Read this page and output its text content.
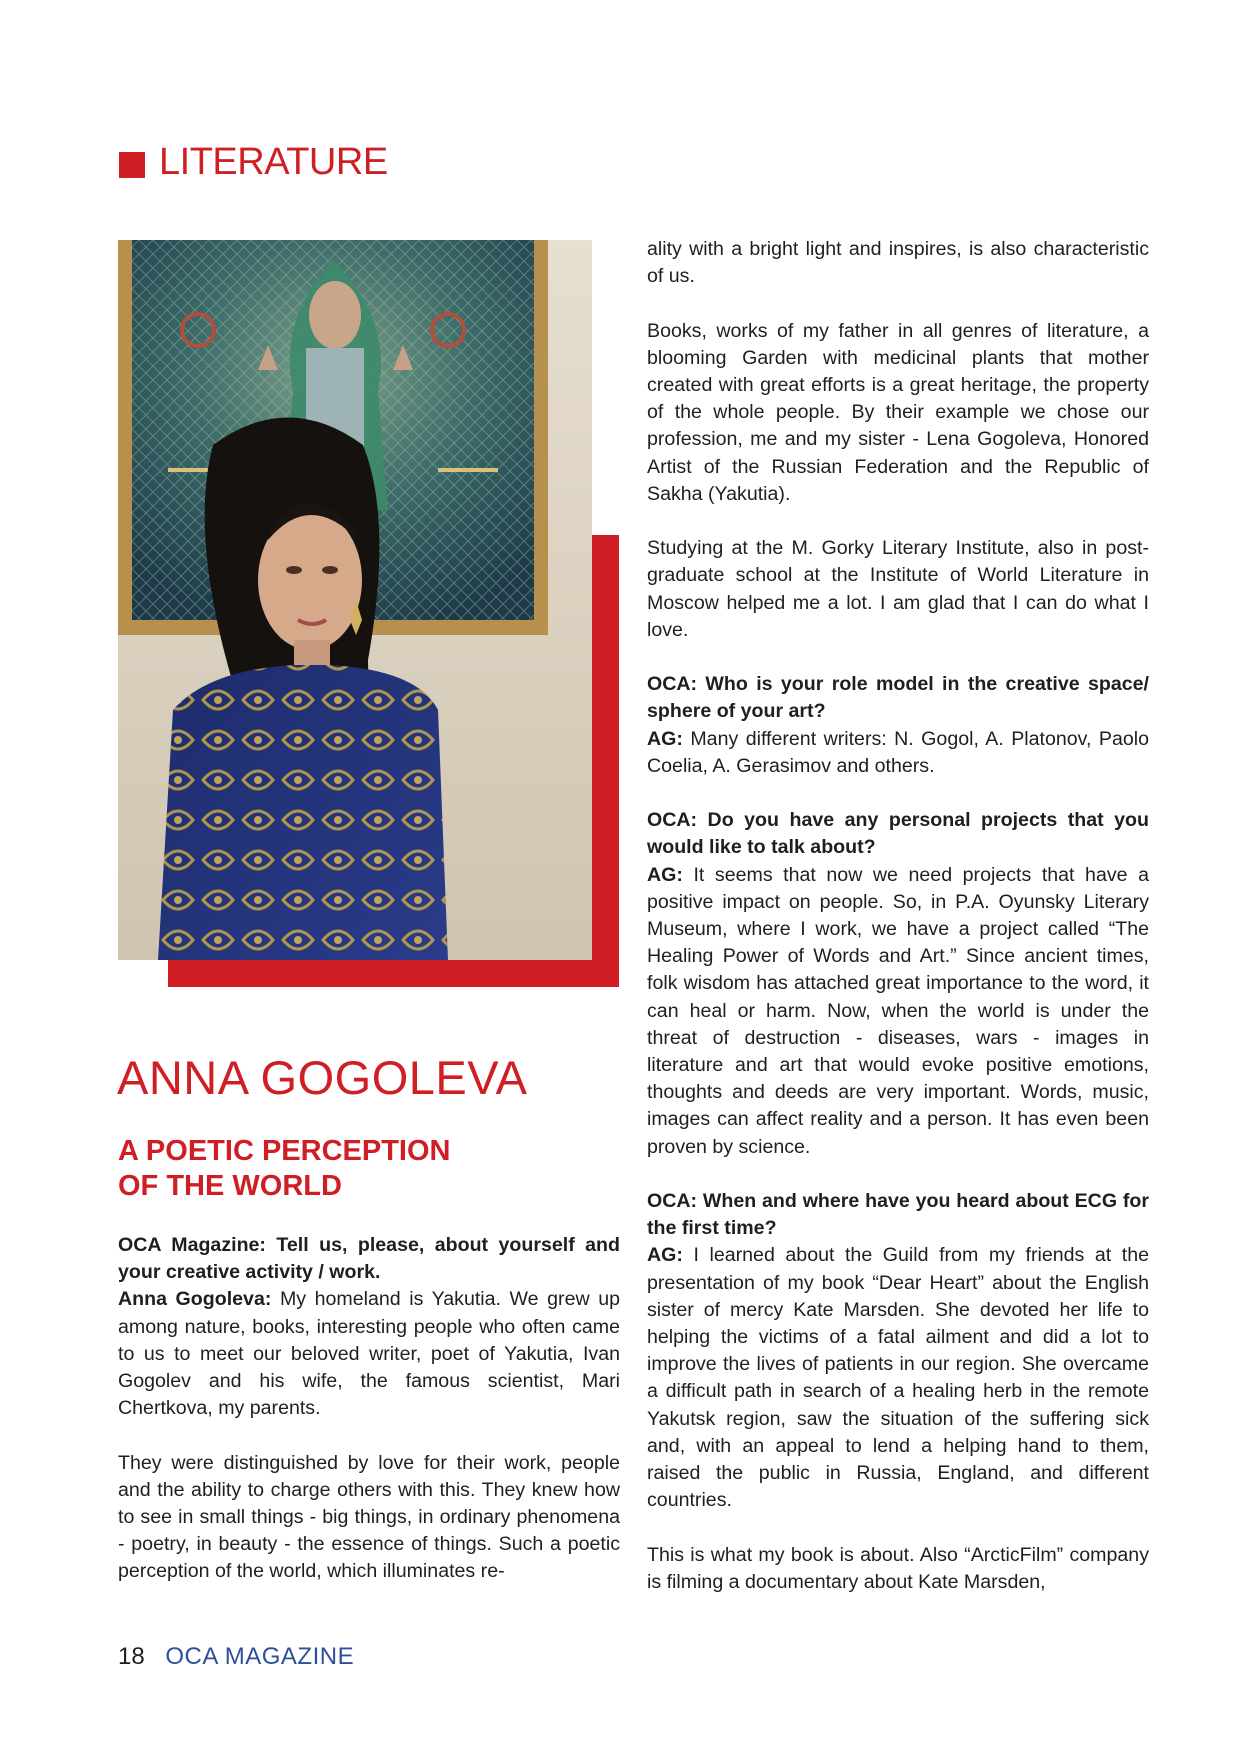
LITERATURE
ANNA GOGOLEVA
A POETIC PERCEPTION
OF THE WORLD

OCA Magazine: Tell us, please, about yourself and your creative activity / work.

Anna Gogoleva: My homeland is Yakutia. We grew up among nature, books, interesting people who often came to us to meet our beloved writer, poet of Yakutia, Ivan Gogolev and his wife, the famous scientist, Mari Chertkova, my parents.

They were distinguished by love for their work, people and the ability to charge others with this. They knew how to see in small things - big things, in ordinary phenomena - poetry, in beauty - the essence of things. Such a poetic perception of the world, which illuminates re-

ality with a bright light and inspires, is also characteristic of us.

Books, works of my father in all genres of literature, a blooming Garden with medicinal plants that mother created with great efforts is a great heritage, the property of the whole people. By their example we chose our profession, me and my sister - Lena Gogoleva, Honored Artist of the Russian Federation and the Republic of Sakha (Yakutia).

Studying at the M. Gorky Literary Institute, also in post-graduate school at the Institute of World Literature in Moscow helped me a lot. I am glad that I can do what I love.

OCA: Who is your role model in the creative space/ sphere of your art?

AG: Many different writers: N. Gogol, A. Platonov, Paolo Coelia, A. Gerasimov and others.

OCA: Do you have any personal projects that you would like to talk about?

AG: It seems that now we need projects that have a positive impact on people. So, in P.A. Oyunsky Literary Museum, where I work, we have a project called “The Healing Power of Words and Art.” Since ancient times, folk wisdom has attached great importance to the word, it can heal or harm. Now, when the world is under the threat of destruction - diseases, wars - images in literature and art that would evoke positive emotions, thoughts and deeds are very important. Words, music, images can affect reality and a person. It has even been proven by science.

OCA: When and where have you heard about ECG for the first time?

AG: I learned about the Guild from my friends at the presentation of my book “Dear Heart” about the English sister of mercy Kate Marsden. She devoted her life to helping the victims of a fatal ailment and did a lot to improve the lives of patients in our region. She overcame a difficult path in search of a healing herb in the remote Yakutsk region, saw the situation of the suffering sick and, with an appeal to lend a helping hand to them, raised the public in Russia, England, and different countries.

This is what my book is about. Also “ArcticFilm” company is filming a documentary about Kate Marsden,

18 OCA MAGAZINE
